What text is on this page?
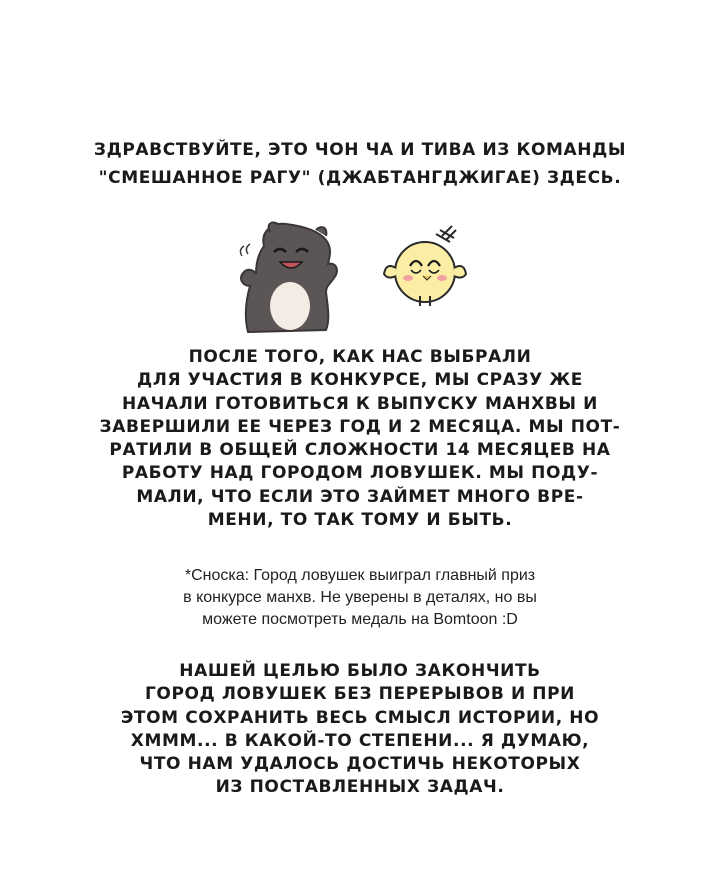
ЗДРАВСТВУЙТЕ, ЭТО ЧОН ЧА И ТИВА ИЗ КОМАНДЫ
"СМЕШАННОЕ РАГУ" (ДЖАБТАНГДЖИГАЕ) ЗДЕСЬ.
ПОСЛЕ ТОГО, КАК НАС ВЫБРАЛИ
ДЛЯ УЧАСТИЯ В КОНКУРСЕ, МЫ СРАЗУ ЖЕ
НАЧАЛИ ГОТОВИТЬСЯ К ВЫПУСКУ МАНХВЫ И
ЗАВЕРШИЛИ ЕЕ ЧЕРЕЗ ГОД И 2 МЕСЯЦА. МЫ ПОТ-
РАТИЛИ В ОБЩЕЙ СЛОЖНОСТИ 14 МЕСЯЦЕВ НА
РАБОТУ НАД ГОРОДОМ ЛОВУШЕК. МЫ ПОДУ-
МАЛИ, ЧТО ЕСЛИ ЭТО ЗАЙМЕТ МНОГО ВРЕ-
МЕНИ, ТО ТАК ТОМУ И БЫТЬ.
*Сноска: Город ловушек выиграл главный приз
в конкурсе манхв. Не уверены в деталях, но вы
можете посмотреть медаль на Bomtoon :D
НАШЕЙ ЦЕЛЬЮ БЫЛО ЗАКОНЧИТЬ
ГОРОД ЛОВУШЕК БЕЗ ПЕРЕРЫВОВ И ПРИ
ЭТОМ СОХРАНИТЬ ВЕСЬ СМЫСЛ ИСТОРИИ, НО
ХМММ... В КАКОЙ-ТО СТЕПЕНИ... Я ДУМАЮ,
ЧТО НАМ УДАЛОСЬ ДОСТИЧЬ НЕКОТОРЫХ
ИЗ ПОСТАВЛЕННЫХ ЗАДАЧ.
